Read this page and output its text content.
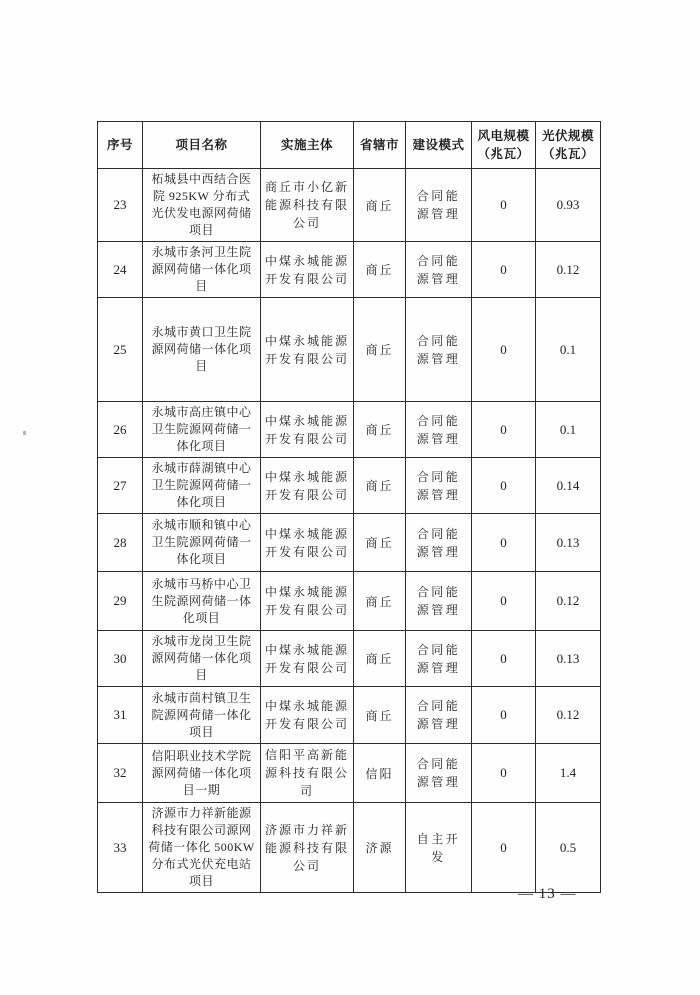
序号	项目名称	实施主体	省辖市	建设模式	风电规模（兆瓦）	光伏规模（兆瓦）
23	柘城县中西结合医院 925KW 分布式光伏发电源网荷储项目	商丘市小亿新能源科技有限公司	商丘	合同能源管理	0	0.93
24	永城市条河卫生院源网荷储一体化项目	中煤永城能源开发有限公司	商丘	合同能源管理	0	0.12
25	永城市黄口卫生院源网荷储一体化项目	中煤永城能源开发有限公司	商丘	合同能源管理	0	0.1
26	永城市高庄镇中心卫生院源网荷储一体化项目	中煤永城能源开发有限公司	商丘	合同能源管理	0	0.1
27	永城市薛湖镇中心卫生院源网荷储一体化项目	中煤永城能源开发有限公司	商丘	合同能源管理	0	0.14
28	永城市顺和镇中心卫生院源网荷储一体化项目	中煤永城能源开发有限公司	商丘	合同能源管理	0	0.13
29	永城市马桥中心卫生院源网荷储一体化项目	中煤永城能源开发有限公司	商丘	合同能源管理	0	0.12
30	永城市龙岗卫生院源网荷储一体化项目	中煤永城能源开发有限公司	商丘	合同能源管理	0	0.13
31	永城市茴村镇卫生院源网荷储一体化项目	中煤永城能源开发有限公司	商丘	合同能源管理	0	0.12
32	信阳职业技术学院源网荷储一体化项目一期	信阳平高新能源科技有限公司	信阳	合同能源管理	0	1.4
33	济源市力祥新能源科技有限公司源网荷储一体化 500KW 分布式光伏充电站项目	济源市力祥新能源科技有限公司	济源	自主开发	0	0.5
— 13 —
